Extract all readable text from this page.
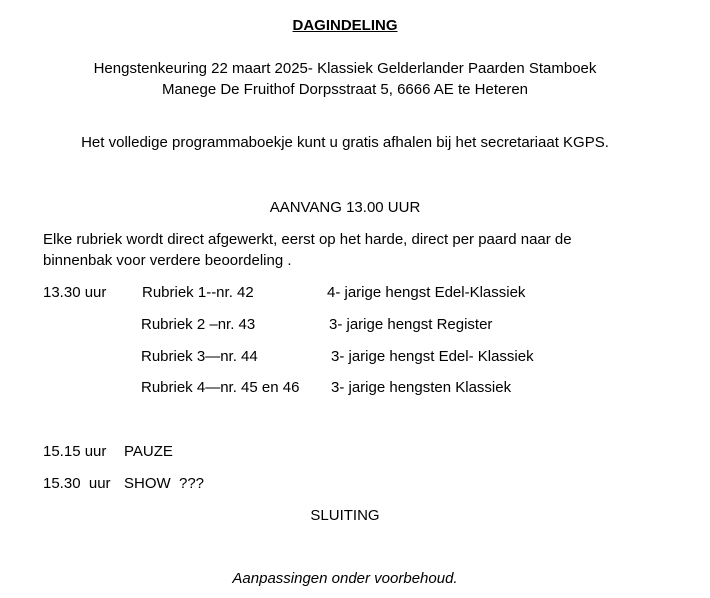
DAGINDELING
Hengstenkeuring 22 maart 2025- Klassiek Gelderlander Paarden Stamboek
Manege De Fruithof Dorpsstraat 5, 6666 AE te Heteren
Het volledige programmaboekje kunt u gratis afhalen bij het secretariaat KGPS.
AANVANG 13.00 UUR
Elke rubriek wordt direct afgewerkt, eerst op het harde, direct per paard naar de
binnenbak voor verdere beoordeling .
13.30 uur Rubriek 1--nr. 42	4- jarige hengst Edel-Klassiek
Rubriek 2 –nr. 43	3- jarige hengst Register
Rubriek 3—nr. 44	3- jarige hengst Edel- Klassiek
Rubriek 4—nr. 45 en 46 3- jarige hengsten Klassiek
15.15 uur PAUZE
15.30  uur SHOW  ???
SLUITING
Aanpassingen onder voorbehoud.
